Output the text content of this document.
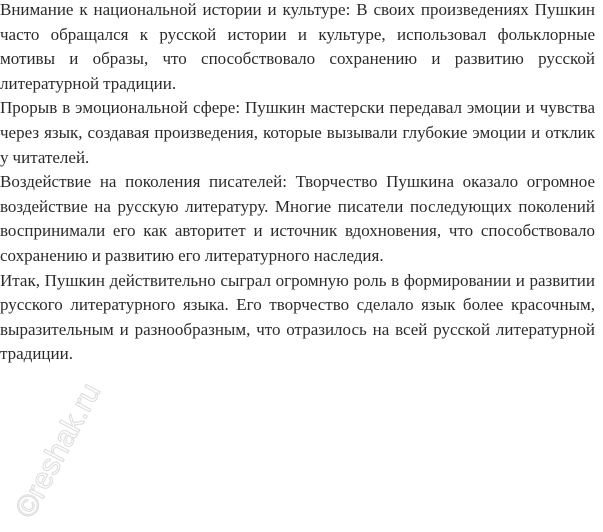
Внимание к национальной истории и культуре: В своих произведениях Пушкин часто обращался к русской истории и культуре, использовал фольклорные мотивы и образы, что способствовало сохранению и развитию русской литературной традиции.

Прорыв в эмоциональной сфере: Пушкин мастерски передавал эмоции и чувства через язык, создавая произведения, которые вызывали глубокие эмоции и отклик у читателей.

Воздействие на поколения писателей: Творчество Пушкина оказало огромное воздействие на русскую литературу. Многие писатели последующих поколений воспринимали его как авторитет и источник вдохновения, что способствовало сохранению и развитию его литературного наследия.

Итак, Пушкин действительно сыграл огромную роль в формировании и развитии русского литературного языка. Его творчество сделало язык более красочным, выразительным и разнообразным, что отразилось на всей русской литературной традиции.

©reshak.ru
